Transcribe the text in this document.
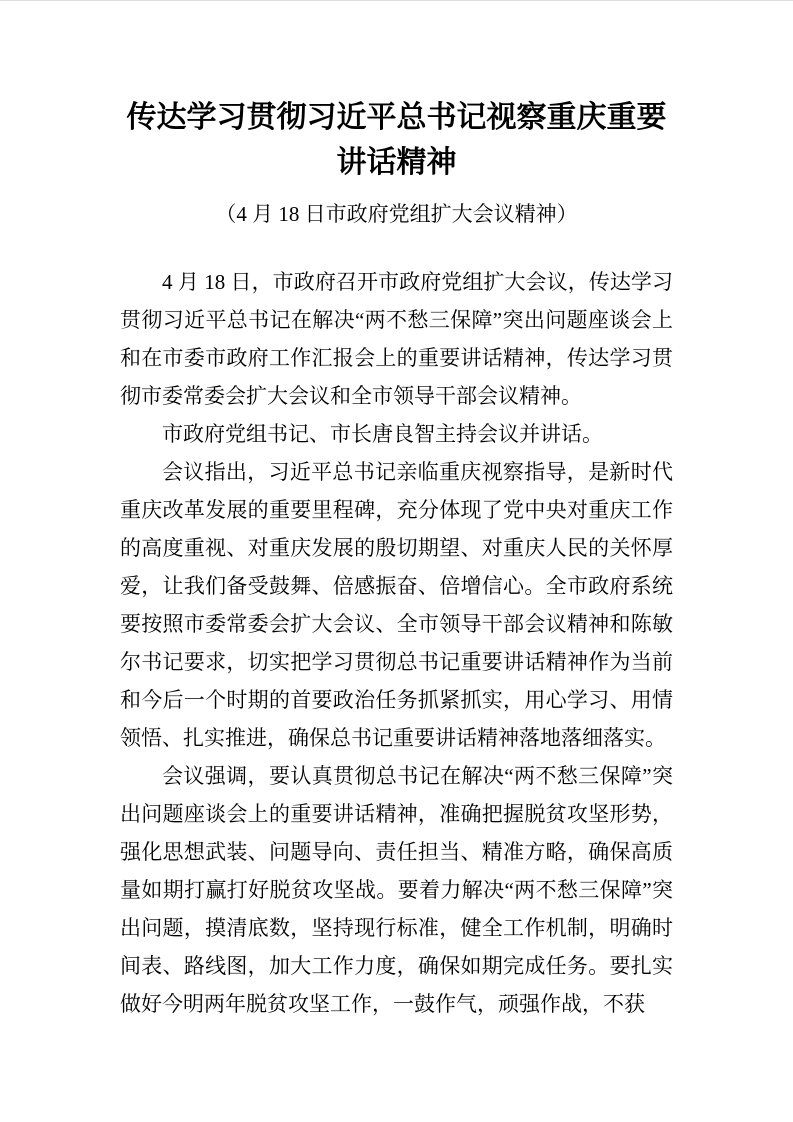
传达学习贯彻习近平总书记视察重庆重要讲话精神
（4 月 18 日市政府党组扩大会议精神）

4 月 18 日，市政府召开市政府党组扩大会议，传达学习贯彻习近平总书记在解决“两不愁三保障”突出问题座谈会上和在市委市政府工作汇报会上的重要讲话精神，传达学习贯彻市委常委会扩大会议和全市领导干部会议精神。

市政府党组书记、市长唐良智主持会议并讲话。

会议指出，习近平总书记亲临重庆视察指导，是新时代重庆改革发展的重要里程碑，充分体现了党中央对重庆工作的高度重视、对重庆发展的殷切期望、对重庆人民的关怀厚爱，让我们备受鼓舞、倍感振奋、倍增信心。全市政府系统要按照市委常委会扩大会议、全市领导干部会议精神和陈敏尔书记要求，切实把学习贯彻总书记重要讲话精神作为当前和今后一个时期的首要政治任务抓紧抓实，用心学习、用情领悟、扎实推进，确保总书记重要讲话精神落地落细落实。

会议强调，要认真贯彻总书记在解决“两不愁三保障”突出问题座谈会上的重要讲话精神，准确把握脱贫攻坚形势，强化思想武装、问题导向、责任担当、精准方略，确保高质量如期打赢打好脱贫攻坚战。要着力解决“两不愁三保障”突出问题，摸清底数，坚持现行标准，健全工作机制，明确时间表、路线图，加大工作力度，确保如期完成任务。要扎实做好今明两年脱贫攻坚工作，一鼓作气，顽强作战，不获
